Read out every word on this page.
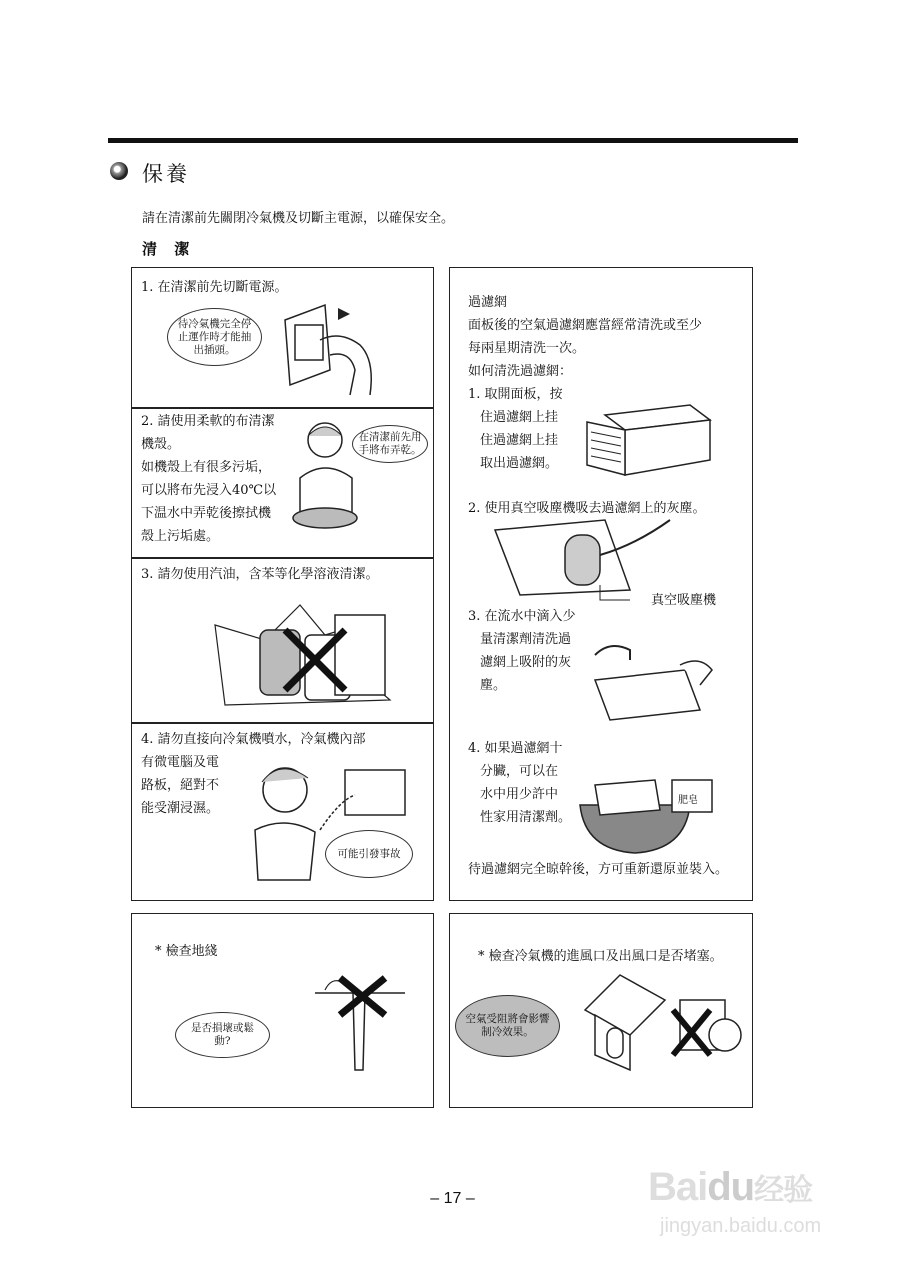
保養
請在清潔前先關閉冷氣機及切斷主電源，以確保安全。
清 潔
1. 在清潔前先切斷電源。
待冷氣機完全停
止運作時才能抽
出插頭。
2. 請使用柔軟的布清潔
機殼。
如機殼上有很多污垢，
可以將布先浸入40℃以
下温水中弄乾後擦拭機
殼上污垢處。
在清潔前先用
手將布弄乾。
3. 請勿使用汽油，含苯等化學溶液清潔。
4. 請勿直接向冷氣機噴水，冷氣機內部
有微電腦及電
路板，絕對不
能受潮浸濕。
可能引發事故
過濾網
面板後的空氣過濾網應當經常清洗或至少
每兩星期清洗一次。
如何清洗過濾網：
1. 取開面板，按
住過濾網上挂
住過濾網上挂
取出過濾網。
2. 使用真空吸塵機吸去過濾網上的灰塵。
真空吸塵機
3. 在流水中滴入少
量清潔劑清洗過
濾網上吸附的灰
塵。
4. 如果過濾網十
分臟，可以在
水中用少許中
性家用清潔劑。
肥皂
待過濾網完全晾幹後，方可重新還原並裝入。
* 檢查地綫
是否損壞或鬆
動?
* 檢查冷氣機的進風口及出風口是否堵塞。
空氣受阻將會影響
制冷效果。
– 17 –	Baidu经验
jingyan.baidu.com
